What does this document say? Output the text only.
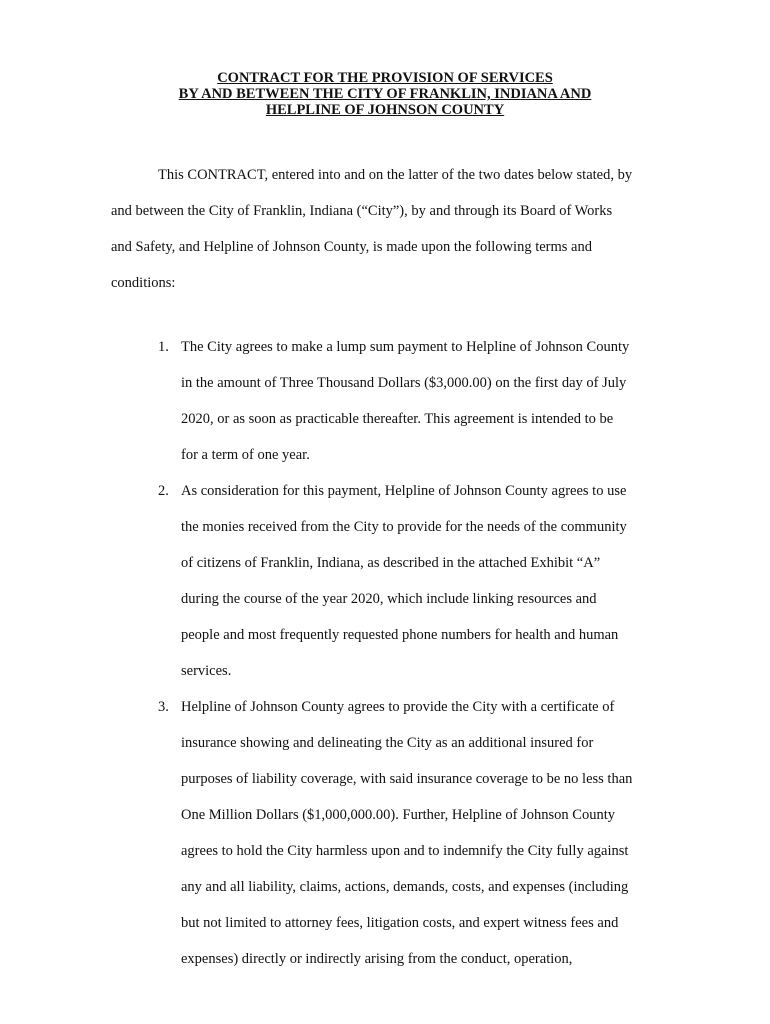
CONTRACT FOR THE PROVISION OF SERVICES
BY AND BETWEEN THE CITY OF FRANKLIN, INDIANA AND
HELPLINE OF JOHNSON COUNTY
This CONTRACT, entered into and on the latter of the two dates below stated, by
and between the City of Franklin, Indiana (“City”), by and through its Board of Works
and Safety, and Helpline of Johnson County, is made upon the following terms and
conditions:
1. The City agrees to make a lump sum payment to Helpline of Johnson County
in the amount of Three Thousand Dollars ($3,000.00) on the first day of July
2020, or as soon as practicable thereafter. This agreement is intended to be
for a term of one year.
2. As consideration for this payment, Helpline of Johnson County agrees to use
the monies received from the City to provide for the needs of the community
of citizens of Franklin, Indiana, as described in the attached Exhibit “A”
during the course of the year 2020, which include linking resources and
people and most frequently requested phone numbers for health and human
services.
3. Helpline of Johnson County agrees to provide the City with a certificate of
insurance showing and delineating the City as an additional insured for
purposes of liability coverage, with said insurance coverage to be no less than
One Million Dollars ($1,000,000.00). Further, Helpline of Johnson County
agrees to hold the City harmless upon and to indemnify the City fully against
any and all liability, claims, actions, demands, costs, and expenses (including
but not limited to attorney fees, litigation costs, and expert witness fees and
expenses) directly or indirectly arising from the conduct, operation,
